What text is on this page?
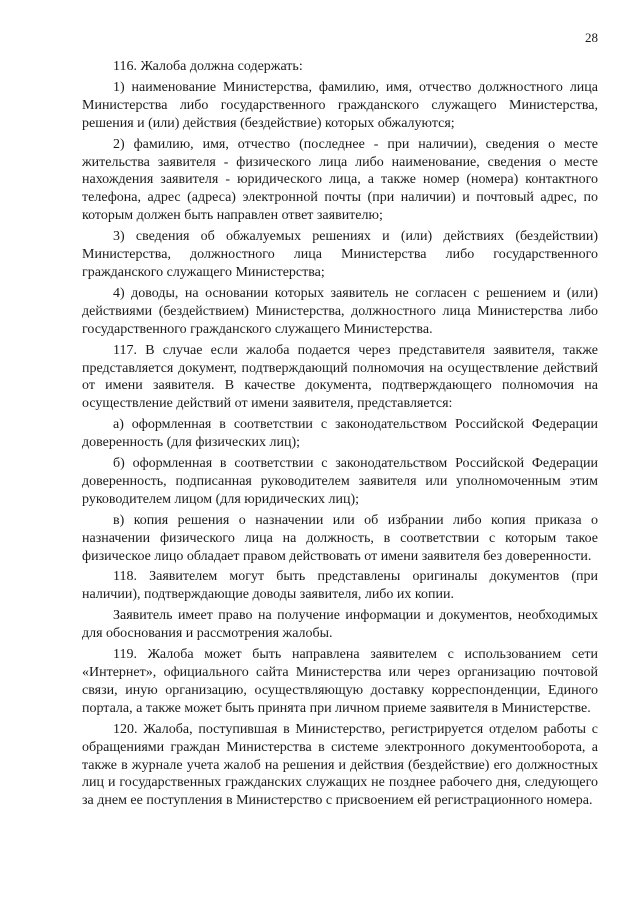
28

116. Жалоба должна содержать:

1) наименование Министерства, фамилию, имя, отчество должностного лица Министерства либо государственного гражданского служащего Министерства, решения и (или) действия (бездействие) которых обжалуются;

2) фамилию, имя, отчество (последнее - при наличии), сведения о месте жительства заявителя - физического лица либо наименование, сведения о месте нахождения заявителя - юридического лица, а также номер (номера) контактного телефона, адрес (адреса) электронной почты (при наличии) и почтовый адрес, по которым должен быть направлен ответ заявителю;

3) сведения об обжалуемых решениях и (или) действиях (бездействии) Министерства, должностного лица Министерства либо государственного гражданского служащего Министерства;

4) доводы, на основании которых заявитель не согласен с решением и (или) действиями (бездействием) Министерства, должностного лица Министерства либо государственного гражданского служащего Министерства.

117. В случае если жалоба подается через представителя заявителя, также представляется документ, подтверждающий полномочия на осуществление действий от имени заявителя. В качестве документа, подтверждающего полномочия на осуществление действий от имени заявителя, представляется:

а) оформленная в соответствии с законодательством Российской Федерации доверенность (для физических лиц);

б) оформленная в соответствии с законодательством Российской Федерации доверенность, подписанная руководителем заявителя или уполномоченным этим руководителем лицом (для юридических лиц);

в) копия решения о назначении или об избрании либо копия приказа о назначении физического лица на должность, в соответствии с которым такое физическое лицо обладает правом действовать от имени заявителя без доверенности.

118. Заявителем могут быть представлены оригиналы документов (при наличии), подтверждающие доводы заявителя, либо их копии.

Заявитель имеет право на получение информации и документов, необходимых для обоснования и рассмотрения жалобы.

119. Жалоба может быть направлена заявителем с использованием сети «Интернет», официального сайта Министерства или через организацию почтовой связи, иную организацию, осуществляющую доставку корреспонденции, Единого портала, а также может быть принята при личном приеме заявителя в Министерстве.

120. Жалоба, поступившая в Министерство, регистрируется отделом работы с обращениями граждан Министерства в системе электронного документооборота, а также в журнале учета жалоб на решения и действия (бездействие) его должностных лиц и государственных гражданских служащих не позднее рабочего дня, следующего за днем ее поступления в Министерство с присвоением ей регистрационного номера.
